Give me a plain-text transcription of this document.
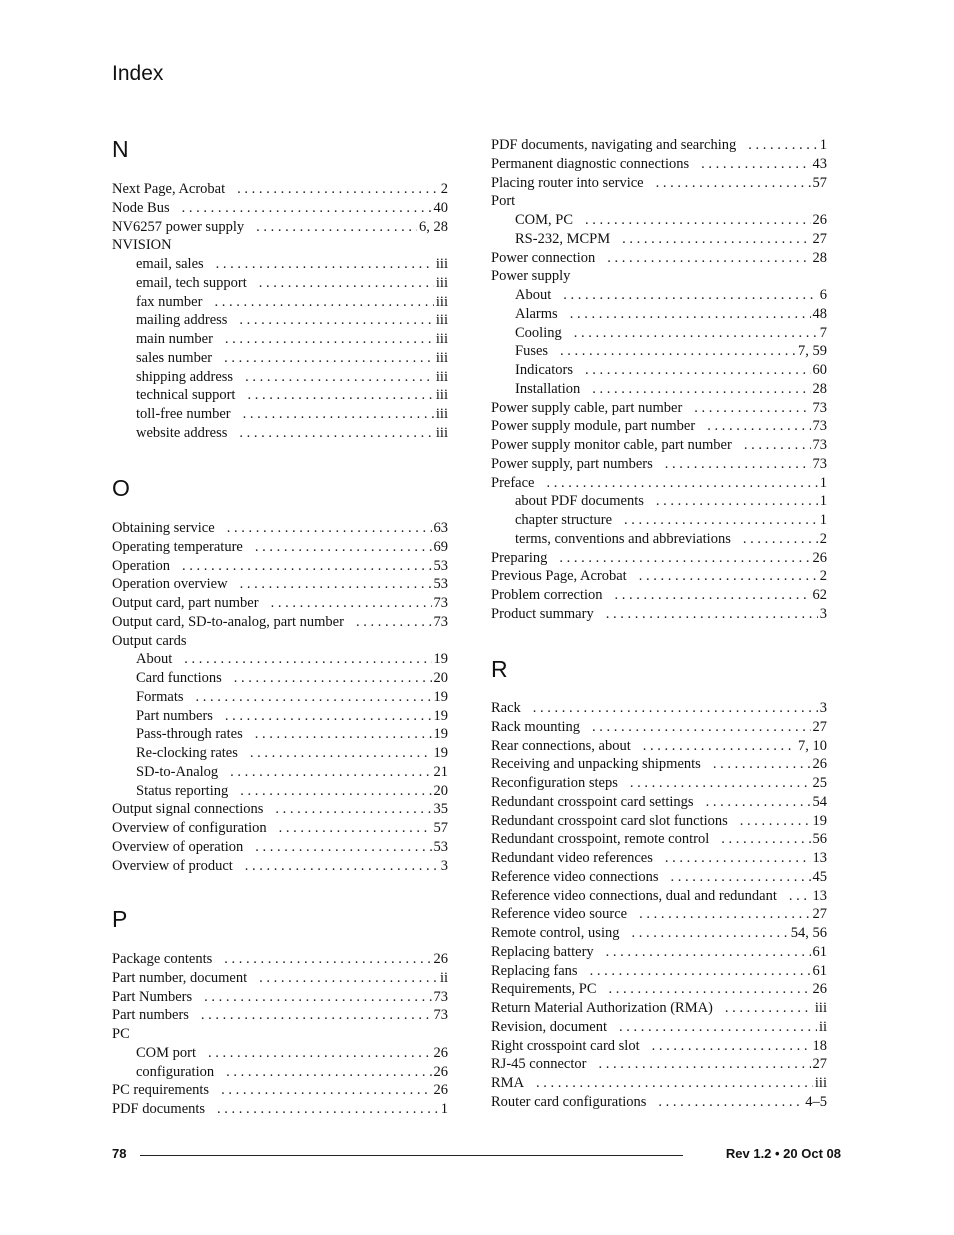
Index
N
Next Page, Acrobat . . .	2
Node Bus . . .	40
NV6257 power supply . . .	6, 28
NVISION
email, sales . . .	iii
email, tech support . . .	iii
fax number . . .	iii
mailing address . . .	iii
main number . . .	iii
sales number . . .	iii
shipping address . . .	iii
technical support . . .	iii
toll-free number . . .	iii
website address . . .	iii
O
Obtaining service . . .	63
Operating temperature . . .	69
Operation . . .	53
Operation overview . . .	53
Output card, part number . . .	73
Output card, SD-to-analog, part number . . .	73
Output cards
About . . .	19
Card functions . . .	20
Formats . . .	19
Part numbers . . .	19
Pass-through rates . . .	19
Re-clocking rates . . .	19
SD-to-Analog . . .	21
Status reporting . . .	20
Output signal connections . . .	35
Overview of configuration . . .	57
Overview of operation . . .	53
Overview of product . . .	3
P
Package contents . . .	26
Part number, document . . .	ii
Part Numbers . . .	73
Part numbers . . .	73
PC
COM port . . .	26
configuration . . .	26
PC requirements . . .	26
PDF documents . . .	1
PDF documents, navigating and searching . . .	1
Permanent diagnostic connections . . .	43
Placing router into service . . .	57
Port
COM, PC . . .	26
RS-232, MCPM . . .	27
Power connection . . .	28
Power supply
About . . .	6
Alarms . . .	48
Cooling . . .	7
Fuses . . .	7, 59
Indicators . . .	60
Installation . . .	28
Power supply cable, part number . . .	73
Power supply module, part number . . .	73
Power supply monitor cable, part number . . .	73
Power supply, part numbers . . .	73
Preface . . .	1
about PDF documents . . .	1
chapter structure . . .	1
terms, conventions and abbreviations . . .	2
Preparing . . .	26
Previous Page, Acrobat . . .	2
Problem correction . . .	62
Product summary . . .	3
R
Rack . . .	3
Rack mounting . . .	27
Rear connections, about . . .	7, 10
Receiving and unpacking shipments . . .	26
Reconfiguration steps . . .	25
Redundant crosspoint card settings . . .	54
Redundant crosspoint card slot functions . . .	19
Redundant crosspoint, remote control . . .	56
Redundant video references . . .	13
Reference video connections . . .	45
Reference video connections, dual and redundant . . . 13
Reference video source . . .	27
Remote control, using . . .	54, 56
Replacing battery . . .	61
Replacing fans . . .	61
Requirements, PC . . .	26
Return Material Authorization (RMA) . . .	iii
Revision, document . . .	ii
Right crosspoint card slot . . .	18
RJ-45 connector . . .	27
RMA . . .	iii
Router card configurations . . .	4–5
78	Rev 1.2 • 20 Oct 08
